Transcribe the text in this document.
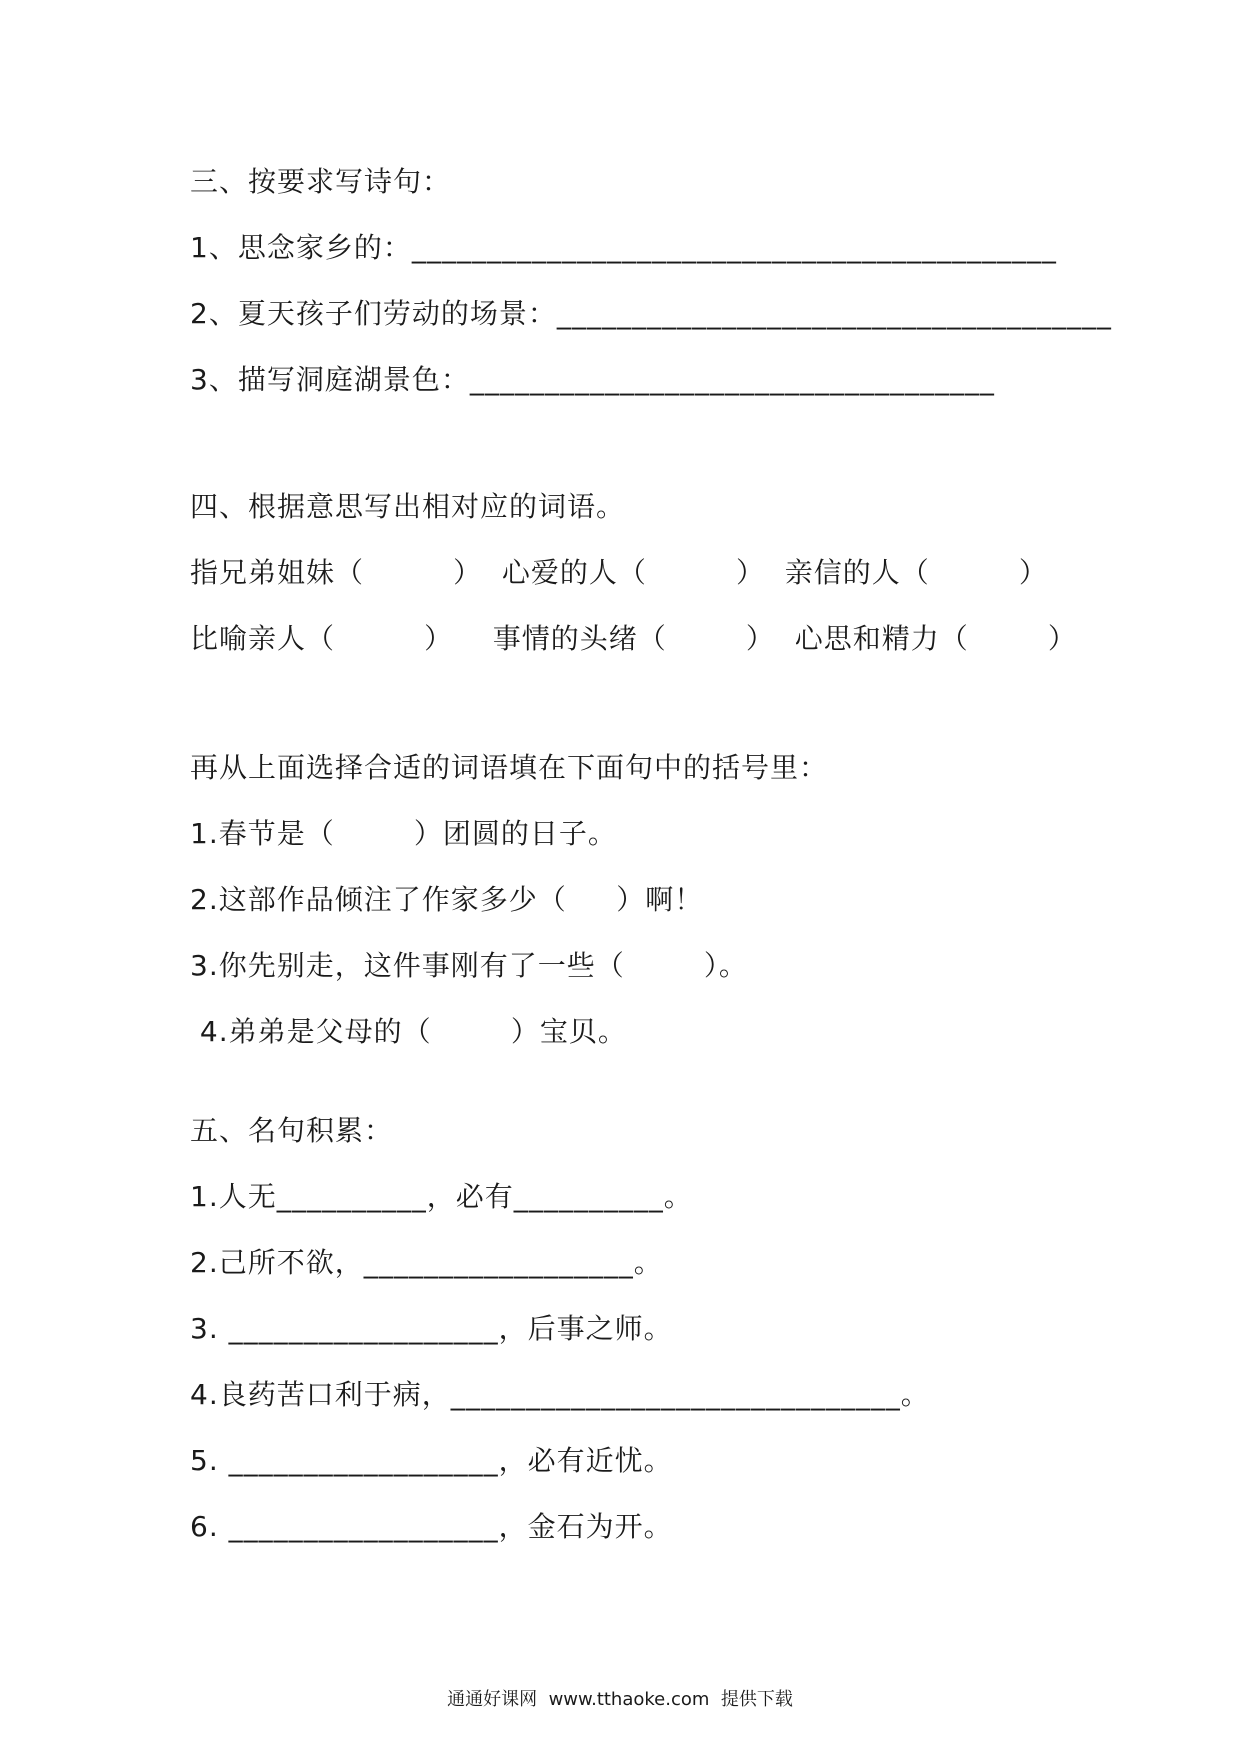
三、按要求写诗句：
1、思念家乡的：___________________________________________
2、夏天孩子们劳动的场景：_____________________________________
3、描写洞庭湖景色：___________________________________
四、根据意思写出相对应的词语。
指兄弟姐妹（         ）  心爱的人（         ）  亲信的人（         ）
比喻亲人（         ）    事情的头绪（        ）  心思和精力（        ）
再从上面选择合适的词语填在下面句中的括号里：
1.春节是（        ）团圆的日子。
2.这部作品倾注了作家多少（     ）啊！
3.你先别走，这件事刚有了一些（        ）。
4.弟弟是父母的（        ）宝贝。
五、名句积累：
1.人无__________，必有__________。
2.己所不欲，__________________。
3. __________________，后事之师。
4.良药苦口利于病，______________________________。
5. __________________，必有近忧。
6. __________________，金石为开。
通通好课网  www.tthaoke.com  提供下载
